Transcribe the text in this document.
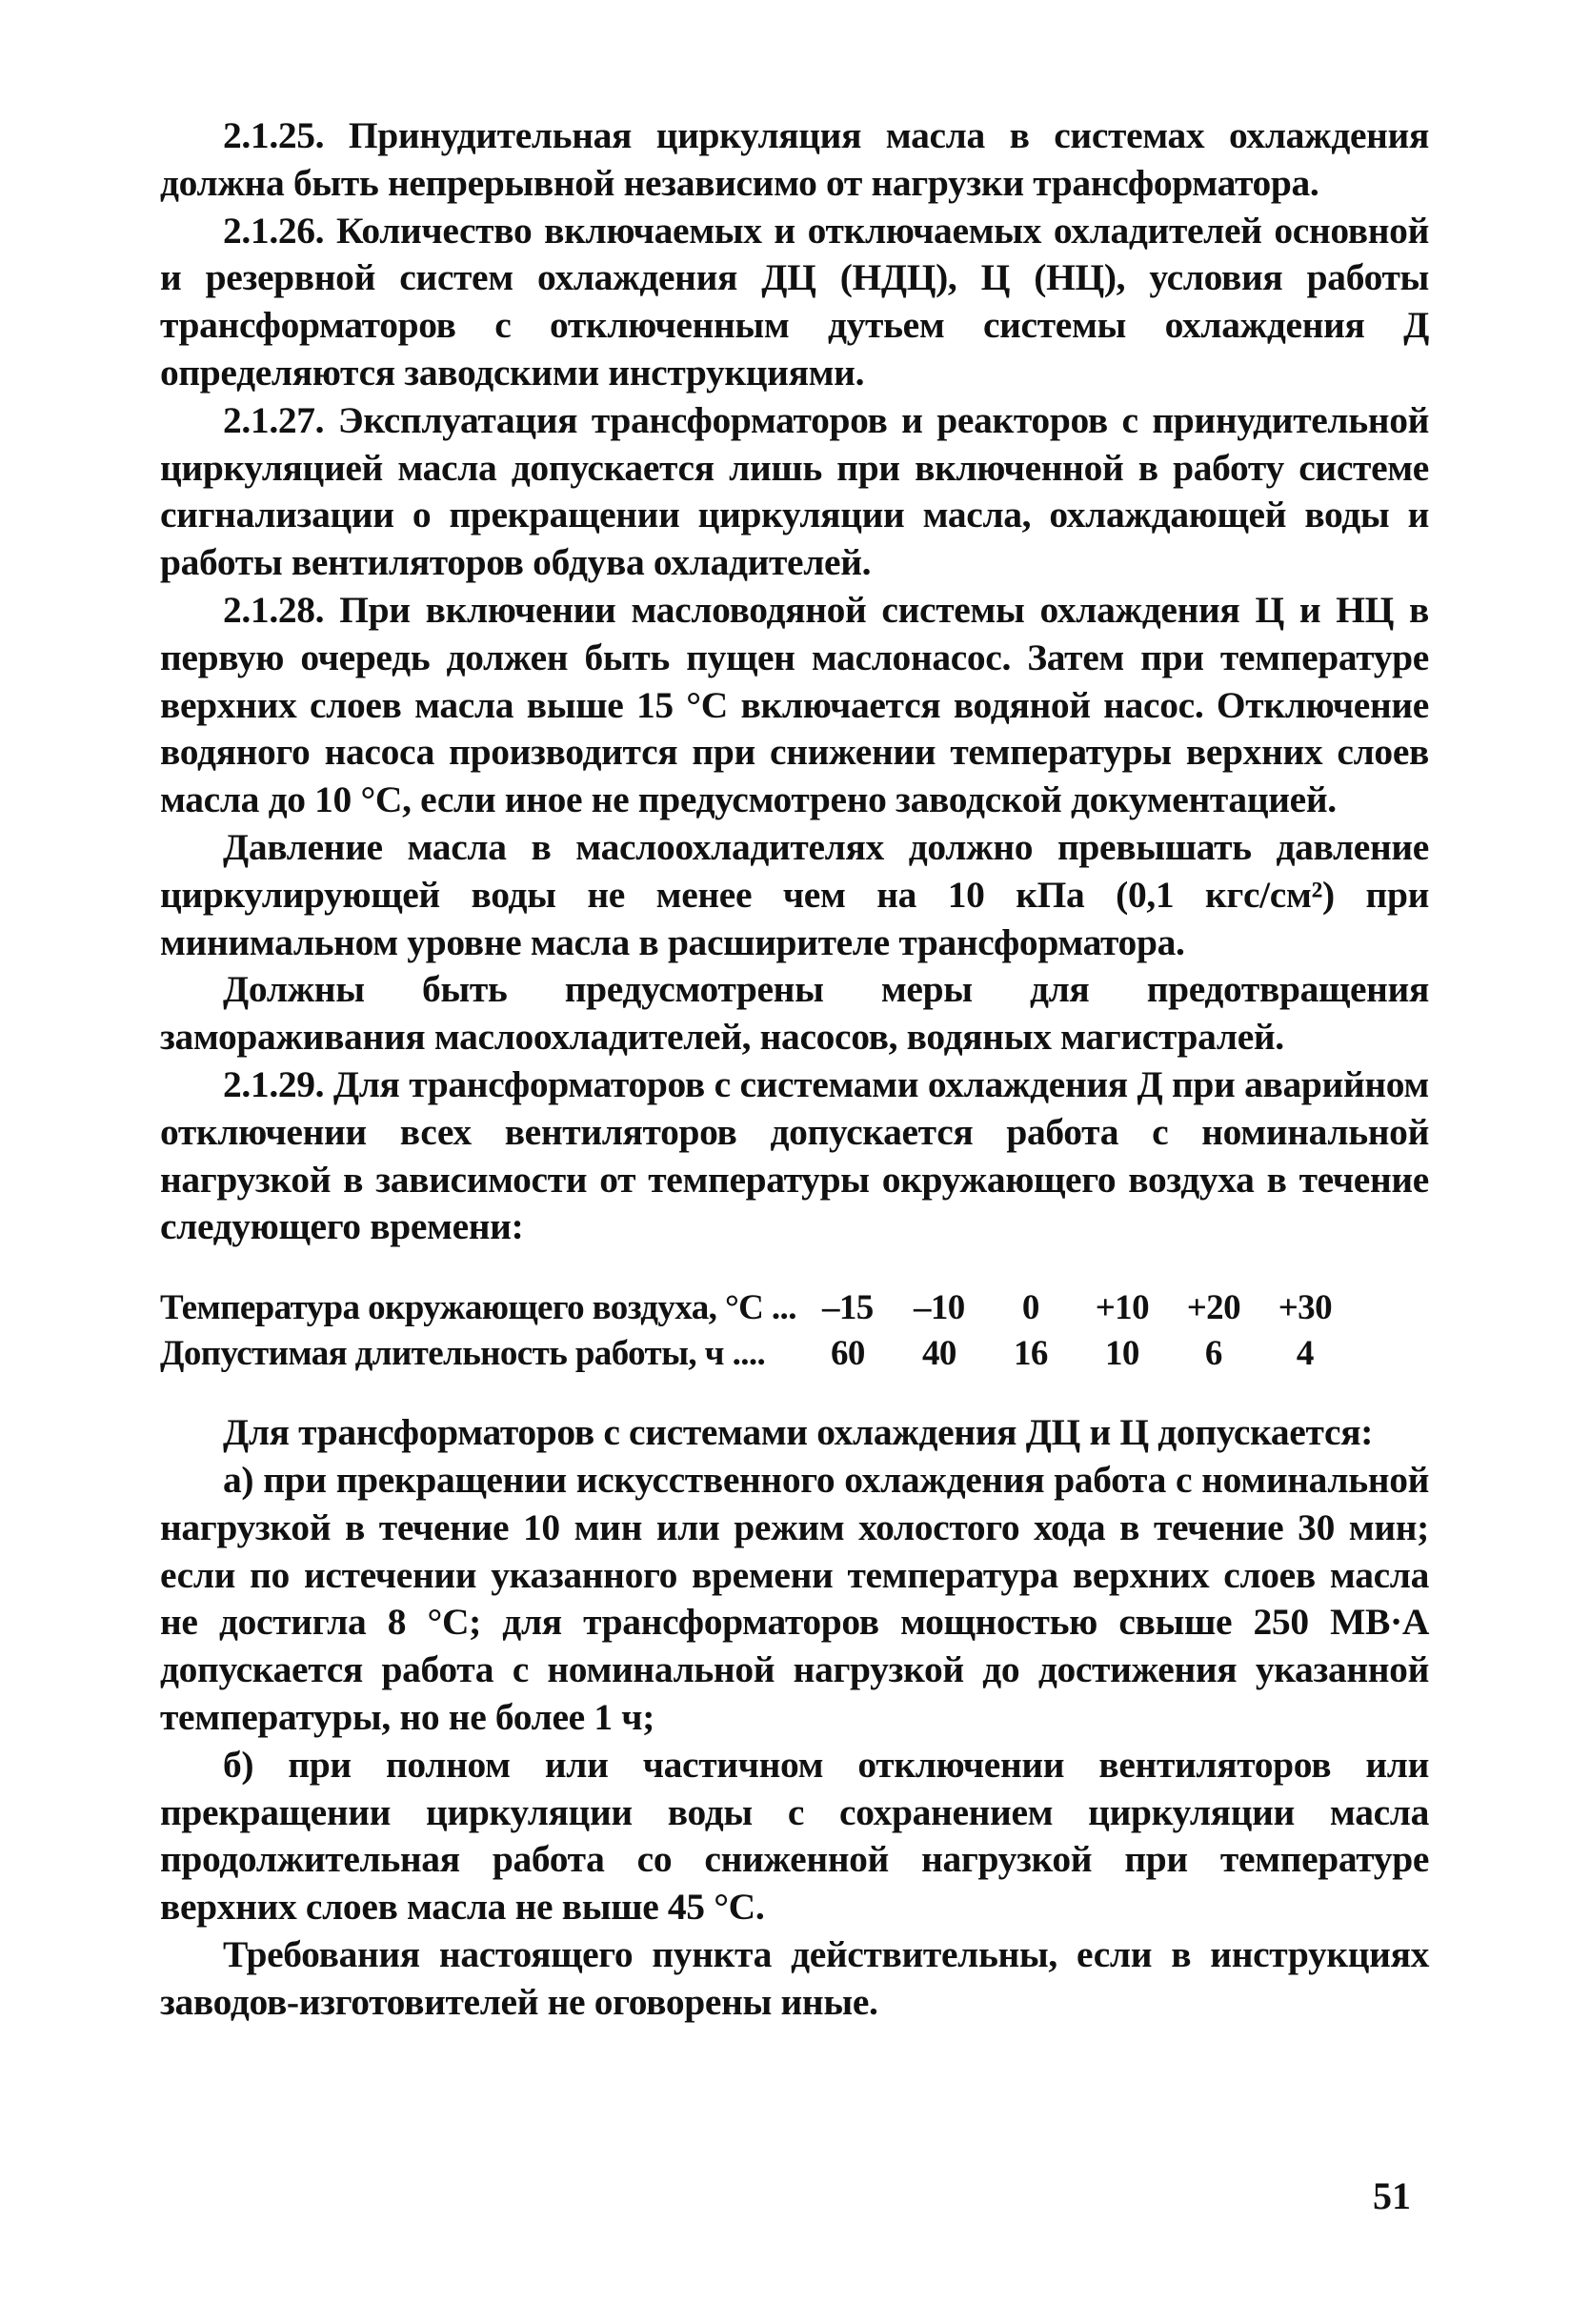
2.1.25. Принудительная циркуляция масла в системах охлаждения должна быть непрерывной независимо от нагрузки трансформатора.

2.1.26. Количество включаемых и отключаемых охладителей основной и резервной систем охлаждения ДЦ (НДЦ), Ц (НЦ), условия работы трансформаторов с отключенным дутьем системы охлаждения Д определяются заводскими инструкциями.

2.1.27. Эксплуатация трансформаторов и реакторов с принудительной циркуляцией масла допускается лишь при включенной в работу системе сигнализации о прекращении циркуляции масла, охлаждающей воды и работы вентиляторов обдува охладителей.

2.1.28. При включении масловодяной системы охлаждения Ц и НЦ в первую очередь должен быть пущен маслонасос. Затем при температуре верхних слоев масла выше 15 °С включается водяной насос. Отключение водяного насоса производится при снижении температуры верхних слоев масла до 10 °С, если иное не предусмотрено заводской документацией.

Давление масла в маслоохладителях должно превышать давление циркулирующей воды не менее чем на 10 кПа (0,1 кгс/см²) при минимальном уровне масла в расширителе трансформатора.

Должны быть предусмотрены меры для предотвращения замораживания маслоохладителей, насосов, водяных магистралей.

2.1.29. Для трансформаторов с системами охлаждения Д при аварийном отключении всех вентиляторов допускается работа с номинальной нагрузкой в зависимости от температуры окружающего воздуха в течение следующего времени:

Температура окружающего воздуха, °С ...	–15	–10	0	+10	+20	+30
Допустимая длительность работы, ч ....	60	40	16	10	6	4

Для трансформаторов с системами охлаждения ДЦ и Ц допускается:

а) при прекращении искусственного охлаждения работа с номинальной нагрузкой в течение 10 мин или режим холостого хода в течение 30 мин; если по истечении указанного времени температура верхних слоев масла не достигла 8 °С; для трансформаторов мощностью свыше 250 МВ·А допускается работа с номинальной нагрузкой до достижения указанной температуры, но не более 1 ч;

б) при полном или частичном отключении вентиляторов или прекращении циркуляции воды с сохранением циркуляции масла продолжительная работа со сниженной нагрузкой при температуре верхних слоев масла не выше 45 °С.

Требования настоящего пункта действительны, если в инструкциях заводов-изготовителей не оговорены иные.

51
